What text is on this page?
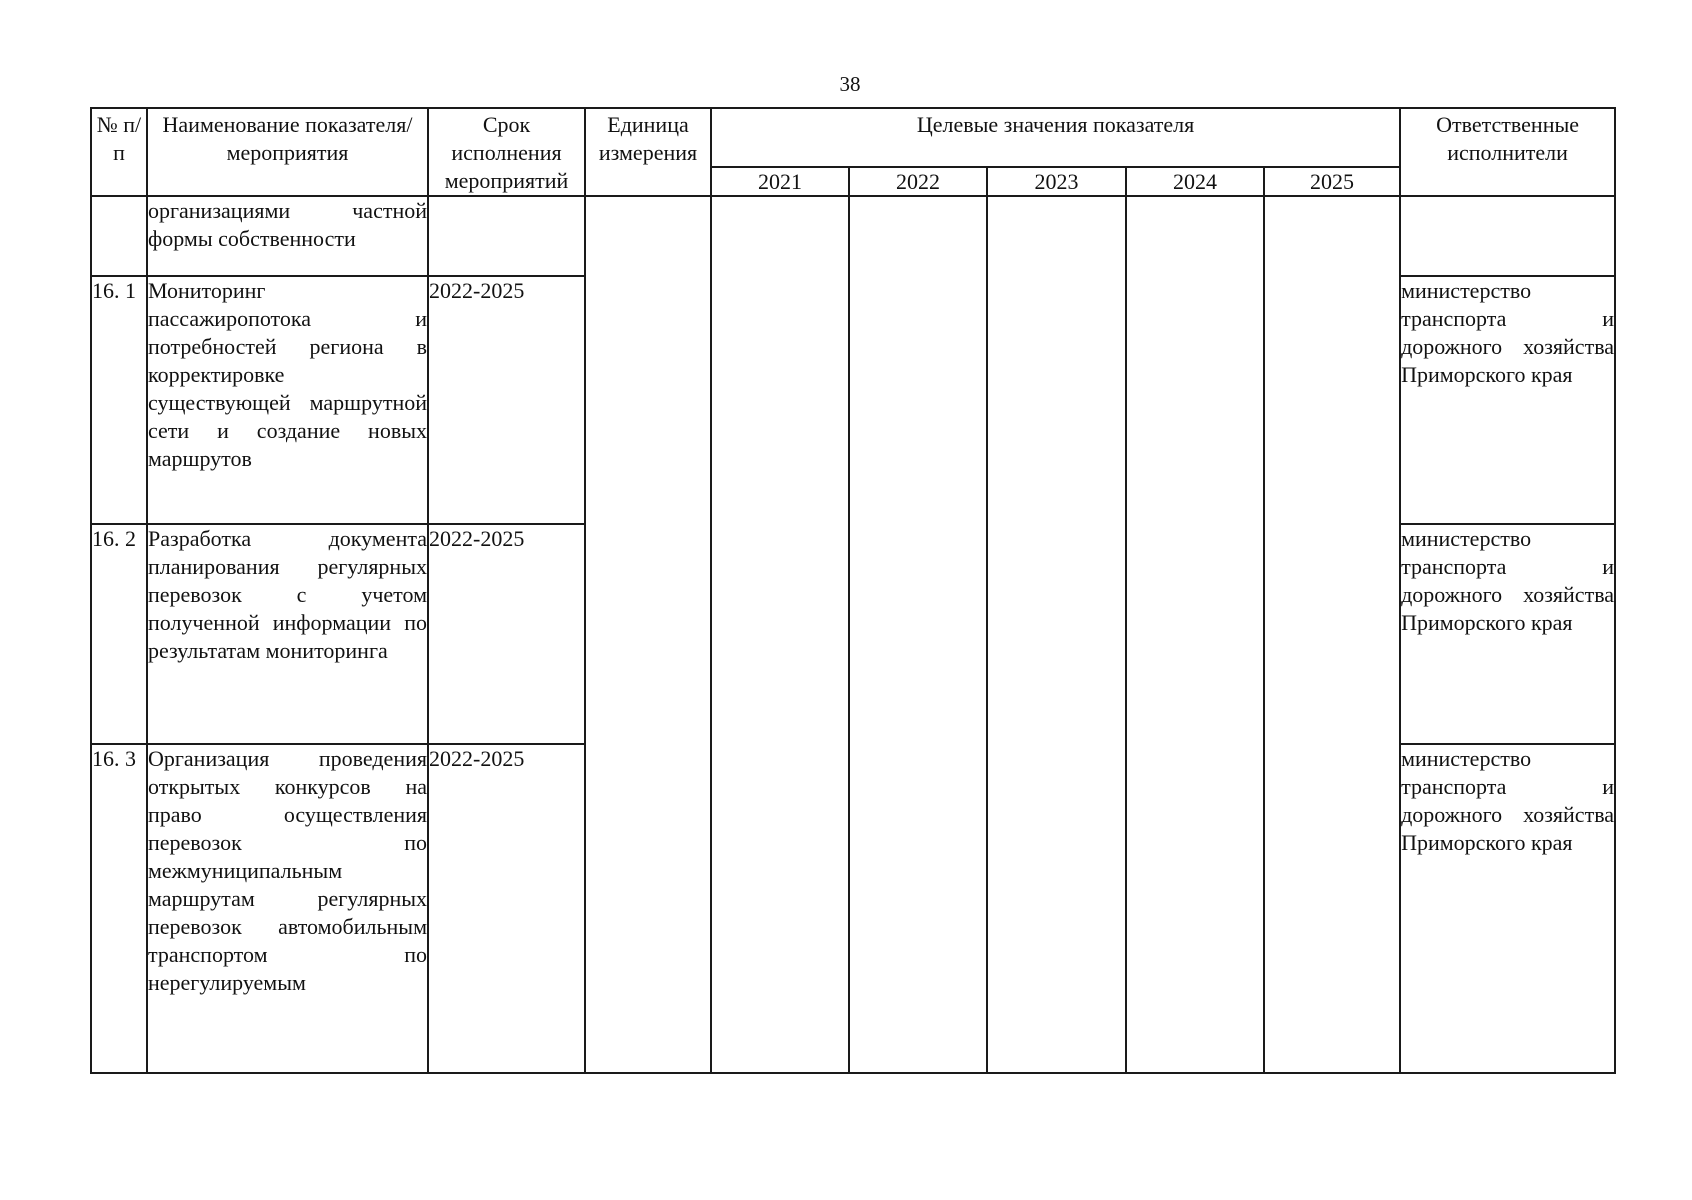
38
№ п/п	Наименование показателя/мероприятия	Срок исполнения мероприятий	Единица измерения	Целевые значения показателя					Ответственные исполнители
				2021	2022	2023	2024	2025	
	организациями частной формы собственности								
16. 1	Мониторинг пассажиропотока и потребностей региона в корректировке существующей маршрутной сети и создание новых маршрутов	2022-2025							министерство транспорта и дорожного хозяйства Приморского края
16. 2	Разработка документа планирования регулярных перевозок с учетом полученной информации по результатам мониторинга	2022-2025							министерство транспорта и дорожного хозяйства Приморского края
16. 3	Организация проведения открытых конкурсов на право осуществления перевозок по межмуниципальным маршрутам регулярных перевозок автомобильным транспортом по нерегулируемым	2022-2025							министерство транспорта и дорожного хозяйства Приморского края
